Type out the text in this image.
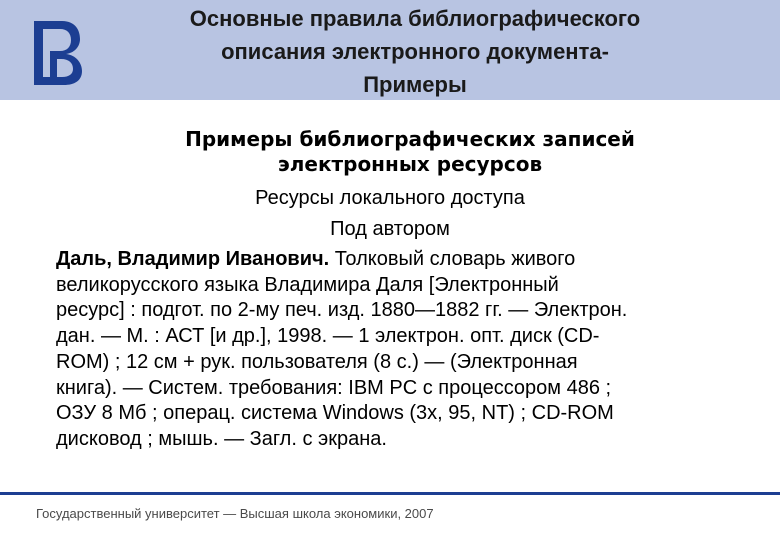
Основные правила библиографического
описания электронного документа-
Примеры
Примеры библиографических записей
электронных ресурсов
Ресурсы локального доступа
Под автором
Даль, Владимир Иванович. Толковый словарь живого
великорусского языка Владимира Даля [Электронный
ресурс] : подгот. по 2-му печ. изд. 1880—1882 гг. — Электрон.
дан. — М. : АСТ [и др.], 1998. — 1 электрон. опт. диск (CD-
ROM) ; 12 см + рук. пользователя (8 с.) — (Электронная
книга). — Систем. требования: IBM PC с процессором 486 ;
ОЗУ 8 Мб ; операц. система Windows (3x, 95, NT) ; CD-ROM
дисковод ; мышь. — Загл. с экрана.
Государственный университет — Высшая школа экономики, 2007
